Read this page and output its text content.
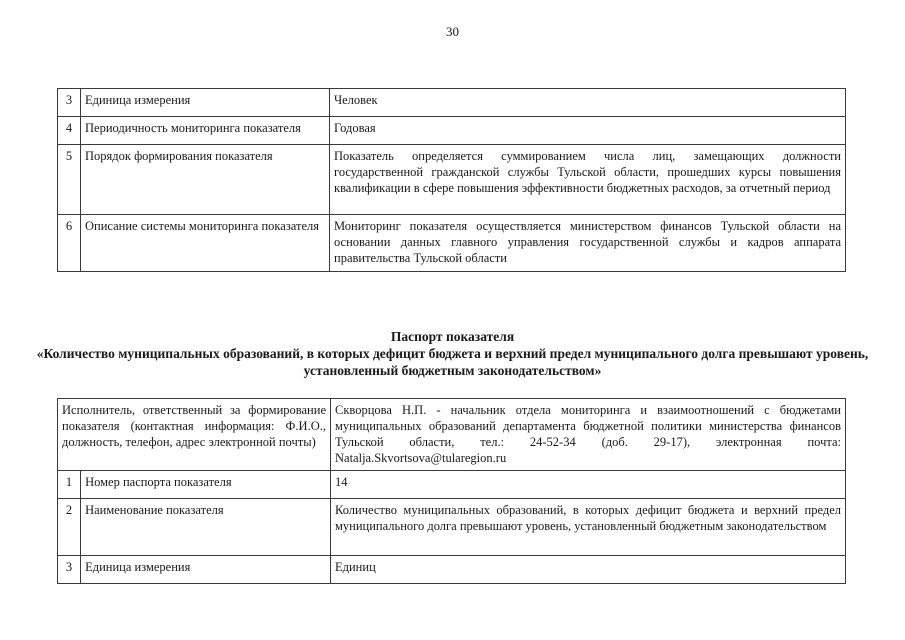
30
3	Единица измерения	Человек
4	Периодичность мониторинга показателя	Годовая
5	Порядок формирования показателя	Показатель определяется суммированием числа лиц, замещающих должности государственной гражданской службы Тульской области, прошедших курсы повышения квалификации в сфере повышения эффективности бюджетных расходов, за отчетный период
6	Описание системы мониторинга показателя	Мониторинг показателя осуществляется министерством финансов Тульской области на основании данных главного управления государственной службы и кадров аппарата правительства Тульской области
Паспорт показателя
«Количество муниципальных образований, в которых дефицит бюджета и верхний предел муниципального долга превышают уровень, установленный бюджетным законодательством»
Исполнитель, ответственный за формирование показателя (контактная информация: Ф.И.О., должность, телефон, адрес электронной почты)		Скворцова Н.П. - начальник отдела мониторинга и взаимоотношений с бюджетами муниципальных образований департамента бюджетной политики министерства финансов Тульской области, тел.: 24-52-34 (доб. 29-17), электронная почта: Natalja.Skvortsova@tularegion.ru
1	Номер паспорта показателя	14
2	Наименование показателя	Количество муниципальных образований, в которых дефицит бюджета и верхний предел муниципального долга превышают уровень, установленный бюджетным законодательством
3	Единица измерения	Единиц
